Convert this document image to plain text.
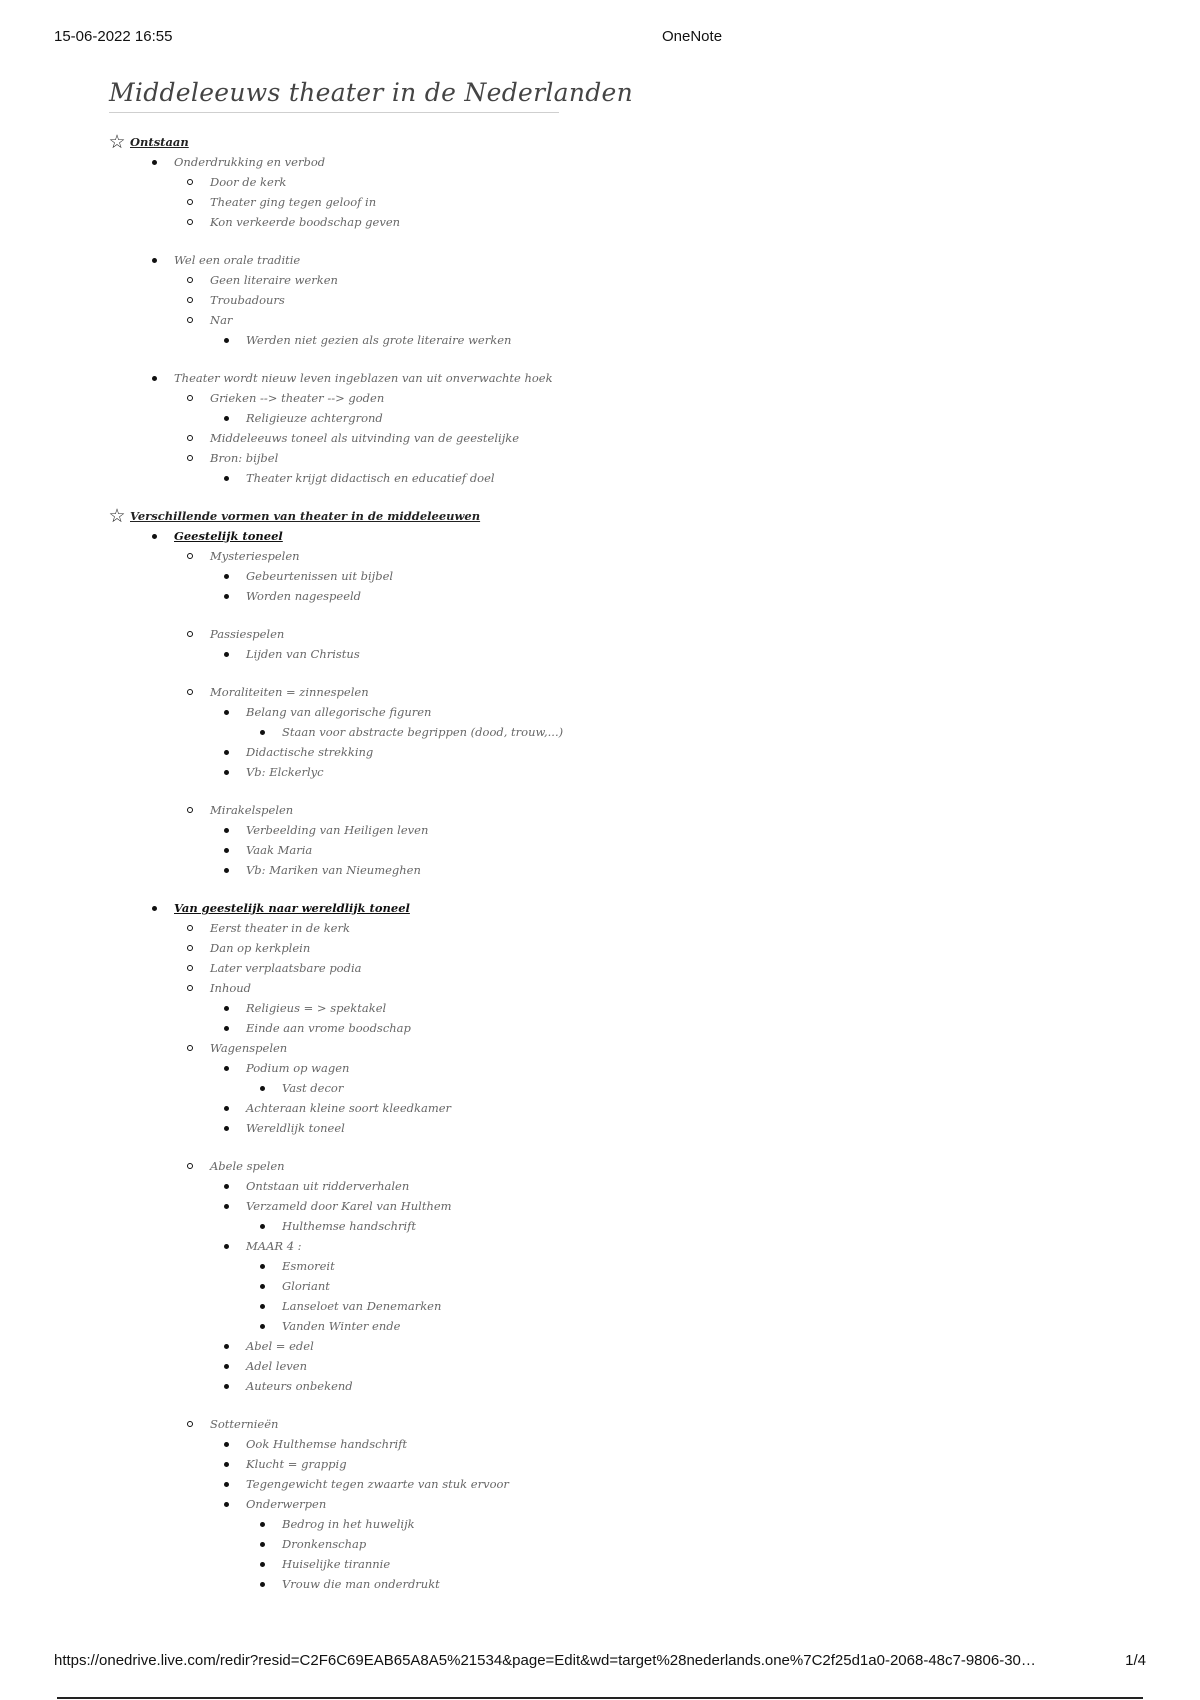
15-06-2022 16:55	OneNote
Middeleeuws theater in de Nederlanden
☆ Ontstaan
Onderdrukking en verbod
Door de kerk
Theater ging tegen geloof in
Kon verkeerde boodschap geven
Wel een orale traditie
Geen literaire werken
Troubadours
Nar
Werden niet gezien als grote literaire werken
Theater wordt nieuw leven ingeblazen van uit onverwachte hoek
Grieken --> theater --> goden
Religieuze achtergrond
Middeleeuws toneel als uitvinding van de geestelijke
Bron: bijbel
Theater krijgt didactisch en educatief doel
☆ Verschillende vormen van theater in de middeleeuwen
Geestelijk toneel
Mysteriespelen
Gebeurtenissen uit bijbel
Worden nagespeeld
Passiespelen
Lijden van Christus
Moraliteiten = zinnespelen
Belang van allegorische figuren
Staan voor abstracte begrippen (dood, trouw,...)
Didactische strekking
Vb: Elckerlyc
Mirakelspelen
Verbeelding van Heiligen leven
Vaak Maria
Vb: Mariken van Nieumeghen
Van geestelijk naar wereldlijk toneel
Eerst theater in de kerk
Dan op kerkplein
Later verplaatsbare podia
Inhoud
Religieus = > spektakel
Einde aan vrome boodschap
Wagenspelen
Podium op wagen
Vast decor
Achteraan kleine soort kleedkamer
Wereldlijk toneel
Abele spelen
Ontstaan uit ridderverhalen
Verzameld door Karel van Hulthem
Hulthemse handschrift
MAAR 4 :
Esmoreit
Gloriant
Lanseloet van Denemarken
Vanden Winter ende
Abel = edel
Adel leven
Auteurs onbekend
Sotternieën
Ook Hulthemse handschrift
Klucht = grappig
Tegengewicht tegen zwaarte van stuk ervoor
Onderwerpen
Bedrog in het huwelijk
Dronkenschap
Huiselijke tirannie
Vrouw die man onderdrukt
https://onedrive.live.com/redir?resid=C2F6C69EAB65A8A5%21534&page=Edit&wd=target%28nederlands.one%7C2f25d1a0-2068-48c7-9806-30…	1/4
